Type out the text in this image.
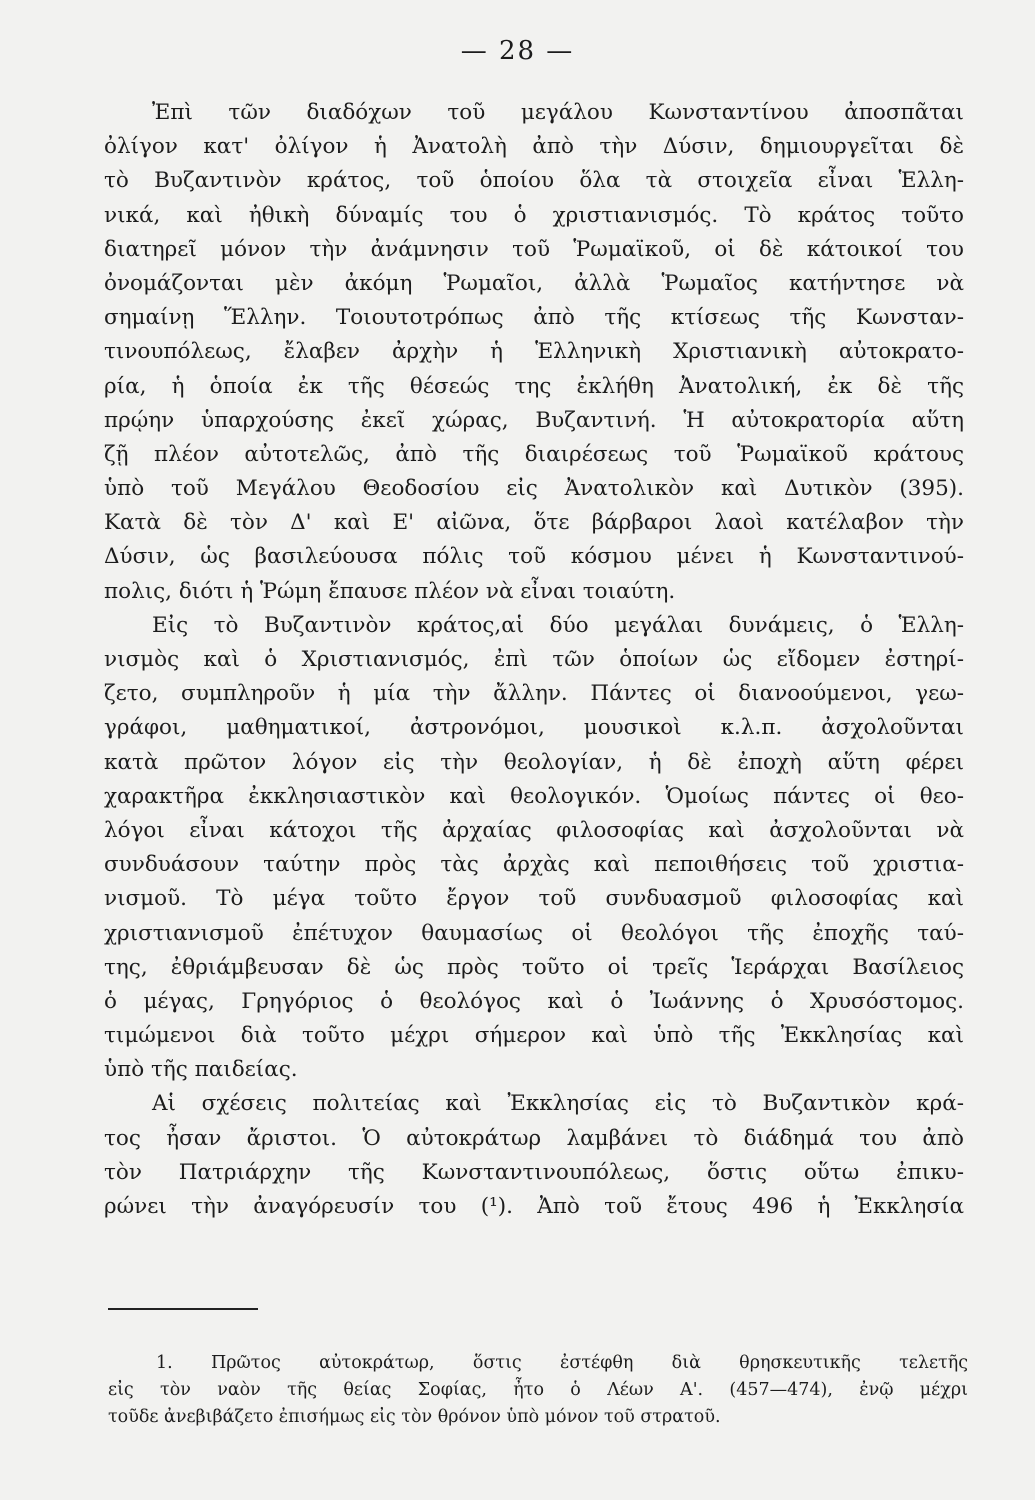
— 28 —
Ἐπὶ τῶν διαδόχων τοῦ μεγάλου Κωνσταντίνου ἀποσπᾶται
ὀλίγον κατ' ὀλίγον ἡ Ἀνατολὴ ἀπὸ τὴν Δύσιν, δημιουργεῖται δὲ
τὸ Βυζαντινὸν κράτος, τοῦ ὁποίου ὅλα τὰ στοιχεῖα εἶναι Ἑλλη-
νικά, καὶ ἠθικὴ δύναμίς του ὁ χριστιανισμός. Τὸ κράτος τοῦτο
διατηρεῖ μόνον τὴν ἀνάμνησιν τοῦ Ῥωμαϊκοῦ, οἱ δὲ κάτοικοί του
ὀνομάζονται μὲν ἀκόμη Ῥωμαῖοι, ἀλλὰ Ῥωμαῖος κατήντησε νὰ
σημαίνῃ Ἕλλην. Τοιουτοτρόπως ἀπὸ τῆς κτίσεως τῆς Κωνσταν-
τινουπόλεως, ἔλαβεν ἀρχὴν ἡ Ἑλληνικὴ Χριστιανικὴ αὐτοκρατο-
ρία, ἡ ὁποία ἐκ τῆς θέσεώς της ἐκλήθη Ἀνατολική, ἐκ δὲ τῆς
πρῴην ὑπαρχούσης ἐκεῖ χώρας, Βυζαντινή. Ἡ αὐτοκρατορία αὕτη
ζῇ πλέον αὐτοτελῶς, ἀπὸ τῆς διαιρέσεως τοῦ Ῥωμαϊκοῦ κράτους
ὑπὸ τοῦ Μεγάλου Θεοδοσίου εἰς Ἀνατολικὸν καὶ Δυτικὸν (395).
Κατὰ δὲ τὸν Δ' καὶ Ε' αἰῶνα, ὅτε βάρβαροι λαοὶ κατέλαβον τὴν
Δύσιν, ὡς βασιλεύουσα πόλις τοῦ κόσμου μένει ἡ Κωνσταντινού-
πολις, διότι ἡ Ῥώμη ἔπαυσε πλέον νὰ εἶναι τοιαύτη.
Εἰς τὸ Βυζαντινὸν κράτος,αἱ δύο μεγάλαι δυνάμεις, ὁ Ἑλλη-
νισμὸς καὶ ὁ Χριστιανισμός, ἐπὶ τῶν ὁποίων ὡς εἴδομεν ἐστηρί-
ζετο, συμπληροῦν ἡ μία τὴν ἄλλην. Πάντες οἱ διανοούμενοι, γεω-
γράφοι, μαθηματικοί, ἀστρονόμοι, μουσικοὶ κ.λ.π. ἀσχολοῦνται
κατὰ πρῶτον λόγον εἰς τὴν θεολογίαν, ἡ δὲ ἐποχὴ αὕτη φέρει
χαρακτῆρα ἐκκλησιαστικὸν καὶ θεολογικόν. Ὁμοίως πάντες οἱ θεο-
λόγοι εἶναι κάτοχοι τῆς ἀρχαίας φιλοσοφίας καὶ ἀσχολοῦνται νὰ
συνδυάσουν ταύτην πρὸς τὰς ἀρχὰς καὶ πεποιθήσεις τοῦ χριστια-
νισμοῦ. Τὸ μέγα τοῦτο ἔργον τοῦ συνδυασμοῦ φιλοσοφίας καὶ
χριστιανισμοῦ ἐπέτυχον θαυμασίως οἱ θεολόγοι τῆς ἐποχῆς ταύ-
της, ἐθριάμβευσαν δὲ ὡς πρὸς τοῦτο οἱ τρεῖς Ἱεράρχαι Βασίλειος
ὁ μέγας, Γρηγόριος ὁ θεολόγος καὶ ὁ Ἰωάννης ὁ Χρυσόστομος.
τιμώμενοι διὰ τοῦτο μέχρι σήμερον καὶ ὑπὸ τῆς Ἐκκλησίας καὶ
ὑπὸ τῆς παιδείας.
Αἱ σχέσεις πολιτείας καὶ Ἐκκλησίας εἰς τὸ Βυζαντικὸν κρά-
τος ἦσαν ἄριστοι. Ὁ αὐτοκράτωρ λαμβάνει τὸ διάδημά του ἀπὸ
τὸν Πατριάρχην τῆς Κωνσταντινουπόλεως, ὅστις οὕτω ἐπικυ-
ρώνει τὴν ἀναγόρευσίν του (¹). Ἀπὸ τοῦ ἔτους 496 ἡ Ἐκκλησία
1. Πρῶτος αὐτοκράτωρ, ὅστις ἐστέφθη διὰ θρησκευτικῆς τελετῆς
εἰς τὸν ναὸν τῆς θείας Σοφίας, ἦτο ὁ Λέων Α'. (457—474), ἐνῷ μέχρι
τοῦδε ἀνεβιβάζετο ἐπισήμως εἰς τὸν θρόνον ὑπὸ μόνον τοῦ στρατοῦ.
